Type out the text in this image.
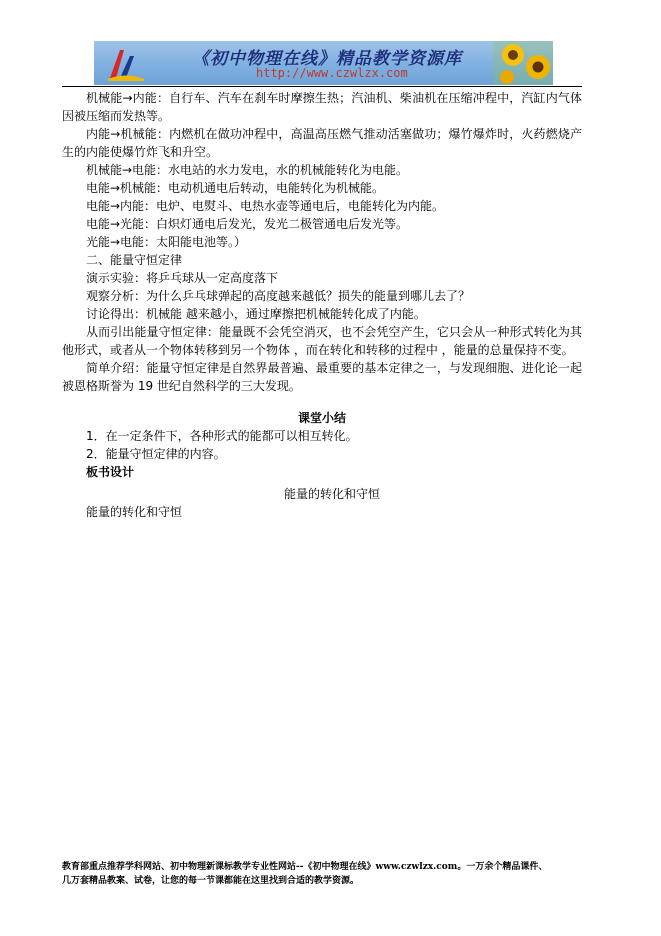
《初中物理在线》精品教学资源库
http://www.czwlzx.com

机械能→内能：自行车、汽车在刹车时摩擦生热；汽油机、柴油机在压缩冲程中，汽缸内气体因被压缩而发热等。

内能→机械能：内燃机在做功冲程中，高温高压燃气推动活塞做功；爆竹爆炸时，火药燃烧产生的内能使爆竹炸飞和升空。

机械能→电能：水电站的水力发电，水的机械能转化为电能。

电能→机械能：电动机通电后转动，电能转化为机械能。

电能→内能：电炉、电熨斗、电热水壶等通电后，电能转化为内能。

电能→光能：白炽灯通电后发光，发光二极管通电后发光等。

光能→电能：太阳能电池等。）

二、能量守恒定律

演示实验：将乒乓球从一定高度落下

观察分析：为什么乒乓球弹起的高度越来越低？损失的能量到哪儿去了？

讨论得出：机械能 越来越小，通过摩擦把机械能转化成了内能。

从而引出能量守恒定律：能量既不会凭空消灭，也不会凭空产生，它只会从一种形式转化为其他形式，或者从一个物体转移到另一个物体 ，而在转化和转移的过程中 ，能量的总量保持不变。

简单介绍：能量守恒定律是自然界最普遍、最重要的基本定律之一，与发现细胞、进化论一起被恩格斯誉为 19 世纪自然科学的三大发现。

课堂小结

1．在一定条件下，各种形式的能都可以相互转化。

2．能量守恒定律的内容。

板书设计

能量的转化和守恒

能量的转化和守恒

教育部重点推荐学科网站、初中物理新课标教学专业性网站--《初中物理在线》www.czwlzx.com。一万余个精品课件、

几万套精品教案、试卷，让您的每一节课都能在这里找到合适的教学资源。
